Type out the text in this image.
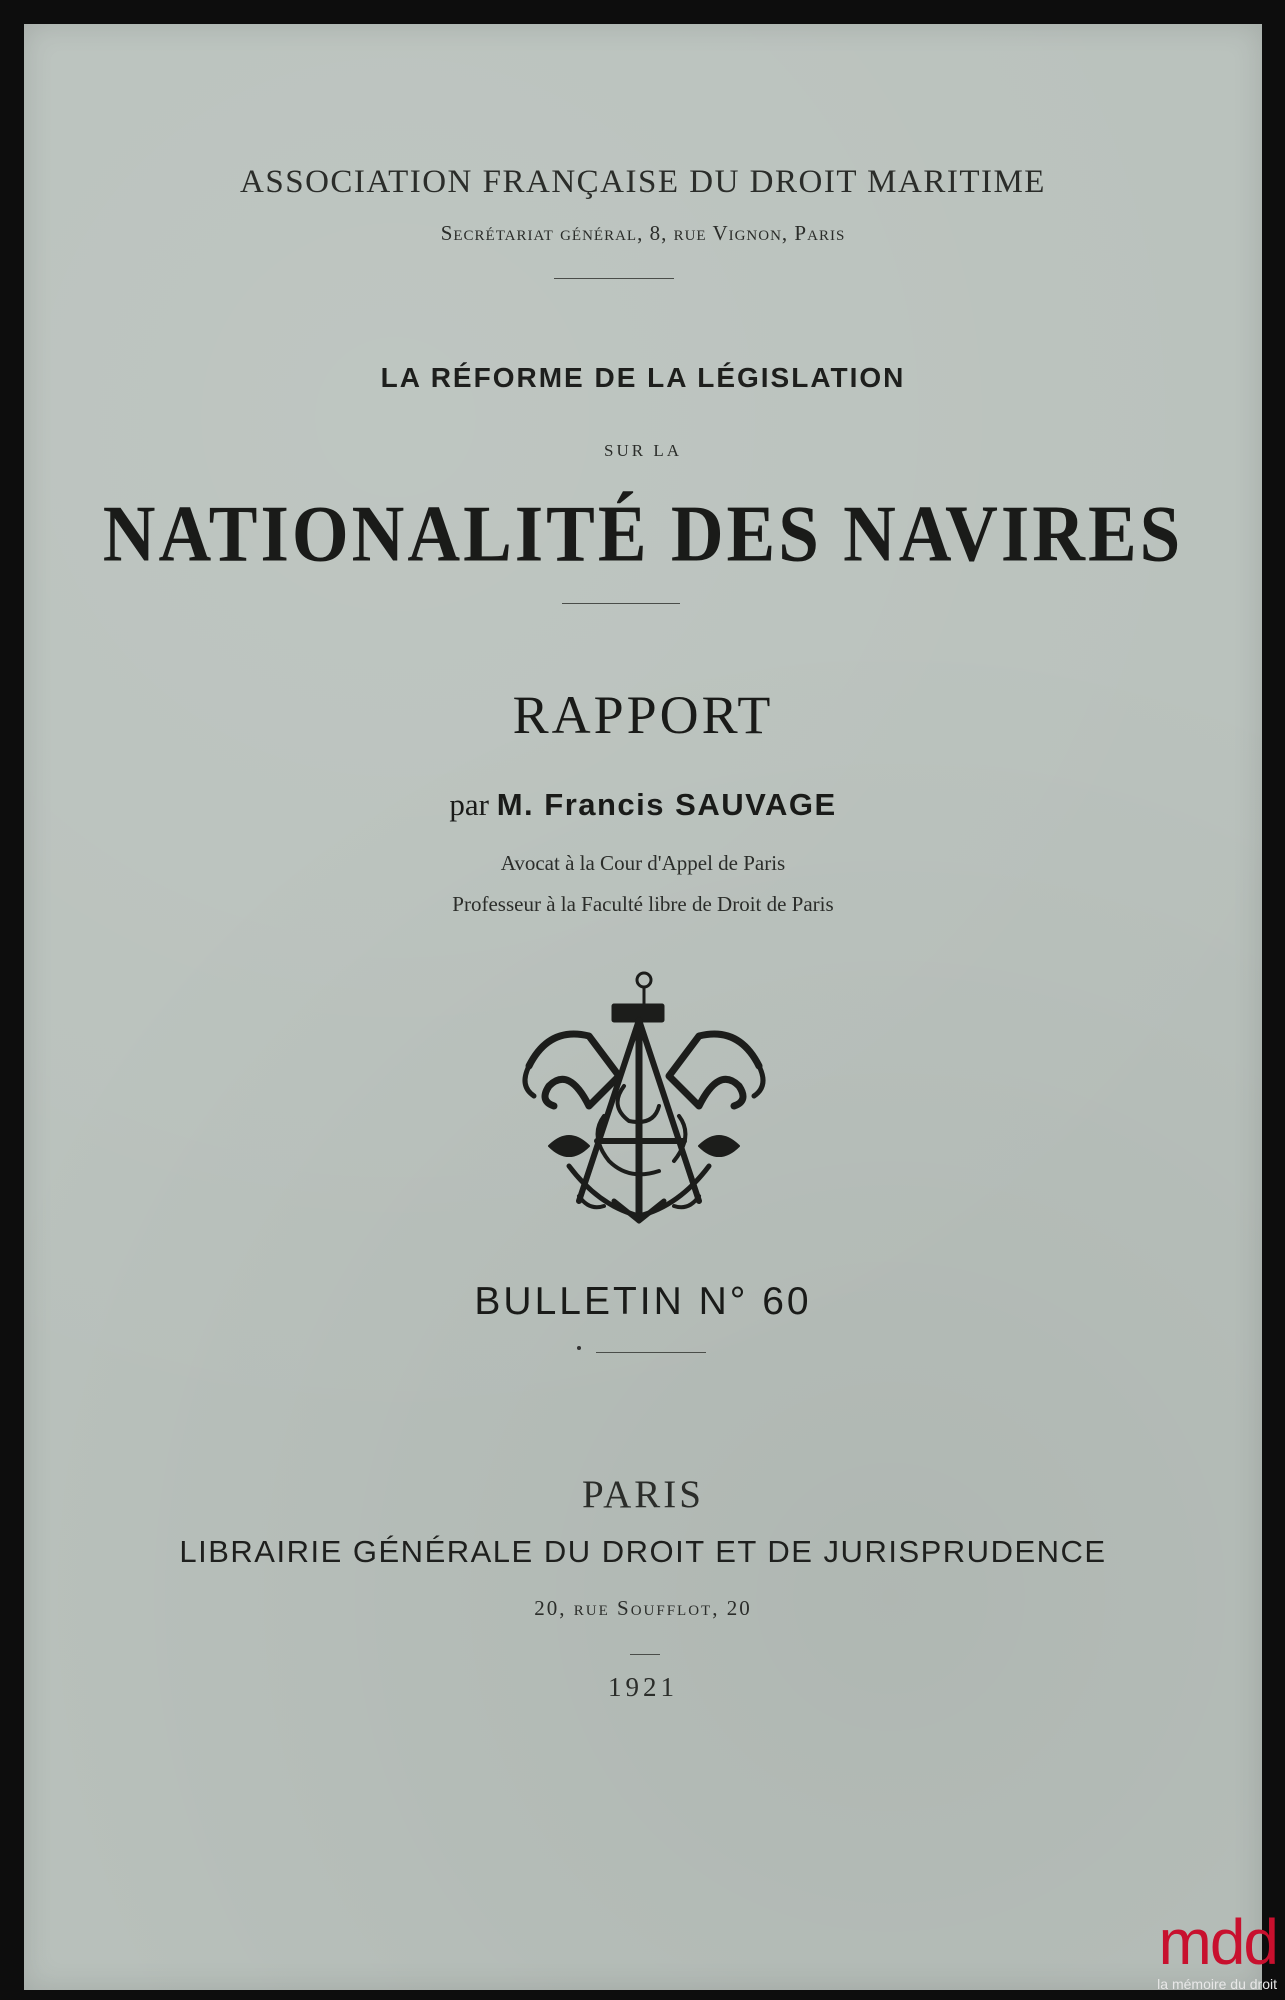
ASSOCIATION FRANÇAISE DU DROIT MARITIME
Secrétariat général, 8, rue Vignon, Paris
LA RÉFORME DE LA LÉGISLATION
SUR LA
NATIONALITÉ DES NAVIRES
RAPPORT
par M. Francis SAUVAGE
Avocat à la Cour d'Appel de Paris
Professeur à la Faculté libre de Droit de Paris
BULLETIN N° 60
PARIS
LIBRAIRIE GÉNÉRALE DU DROIT ET DE JURISPRUDENCE
20, rue Soufflot, 20
1921
mdd
la mémoire du droit
